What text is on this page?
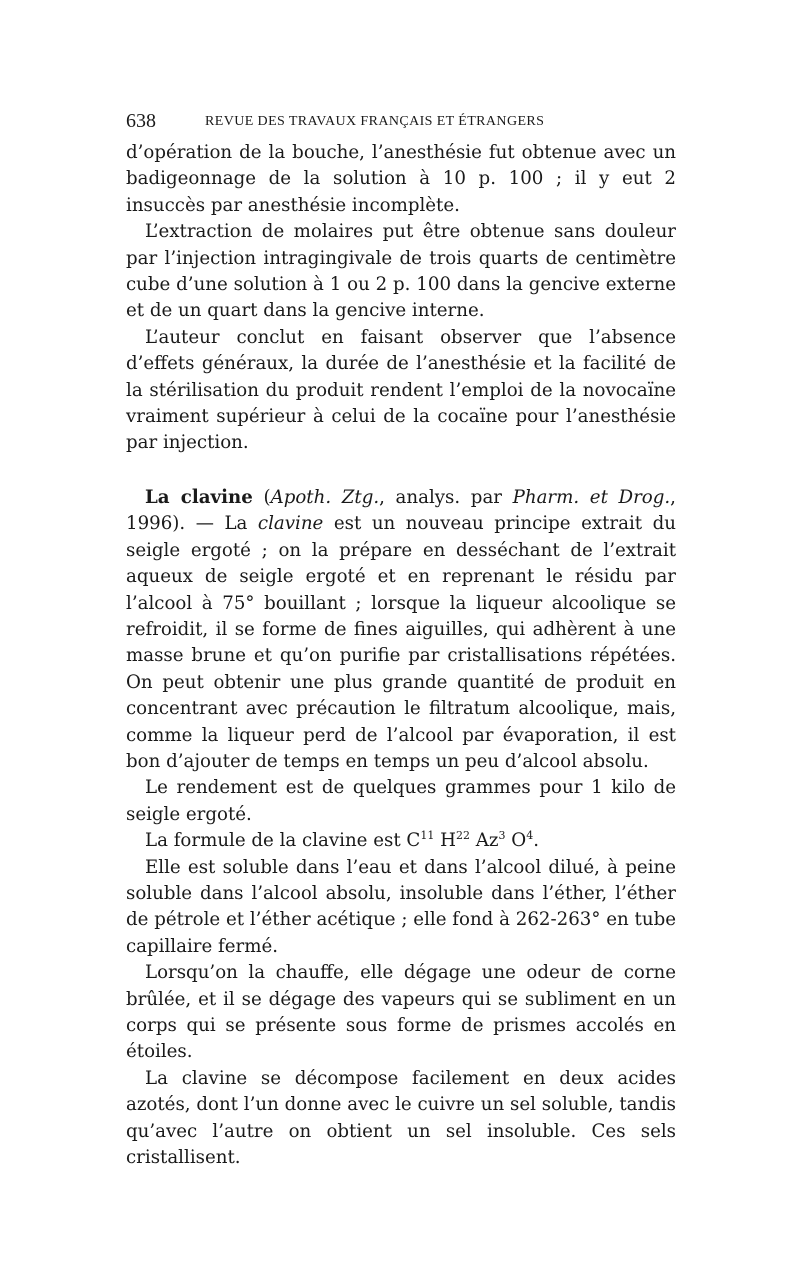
638	REVUE DES TRAVAUX FRANÇAIS ET ÉTRANGERS

d’opération de la bouche, l’anesthésie fut obtenue avec un badigeonnage de la solution à 10 p. 100 ; il y eut 2 insuccès par anesthésie incomplète.

L’extraction de molaires put être obtenue sans douleur par l’injection intragingivale de trois quarts de centimètre cube d’une solution à 1 ou 2 p. 100 dans la gencive externe et de un quart dans la gencive interne.

L’auteur conclut en faisant observer que l’absence d’effets généraux, la durée de l’anesthésie et la facilité de la stérilisation du produit rendent l’emploi de la novocaïne vraiment supérieur à celui de la cocaïne pour l’anesthésie par injection.

La clavine (Apoth. Ztg., analys. par Pharm. et Drog., 1996). — La clavine est un nouveau principe extrait du seigle ergoté ; on la prépare en desséchant de l’extrait aqueux de seigle ergoté et en reprenant le résidu par l’alcool à 75° bouillant ; lorsque la liqueur alcoolique se refroidit, il se forme de fines aiguilles, qui adhèrent à une masse brune et qu’on purifie par cristallisations répétées. On peut obtenir une plus grande quantité de produit en concentrant avec précaution le filtratum alcoolique, mais, comme la liqueur perd de l’alcool par évaporation, il est bon d’ajouter de temps en temps un peu d’alcool absolu.

Le rendement est de quelques grammes pour 1 kilo de seigle ergoté.

La formule de la clavine est $C^{11}$ $H^{22}$ Az$^3$ $O^4$.

Elle est soluble dans l’eau et dans l’alcool dilué, à peine soluble dans l’alcool absolu, insoluble dans l’éther, l’éther de pétrole et l’éther acétique ; elle fond à 262-263° en tube capillaire fermé.

Lorsqu’on la chauffe, elle dégage une odeur de corne brûlée, et il se dégage des vapeurs qui se subliment en un corps qui se présente sous forme de prismes accolés en étoiles.

La clavine se décompose facilement en deux acides azotés, dont l’un donne avec le cuivre un sel soluble, tandis qu’avec l’autre on obtient un sel insoluble. Ces sels cristallisent.
